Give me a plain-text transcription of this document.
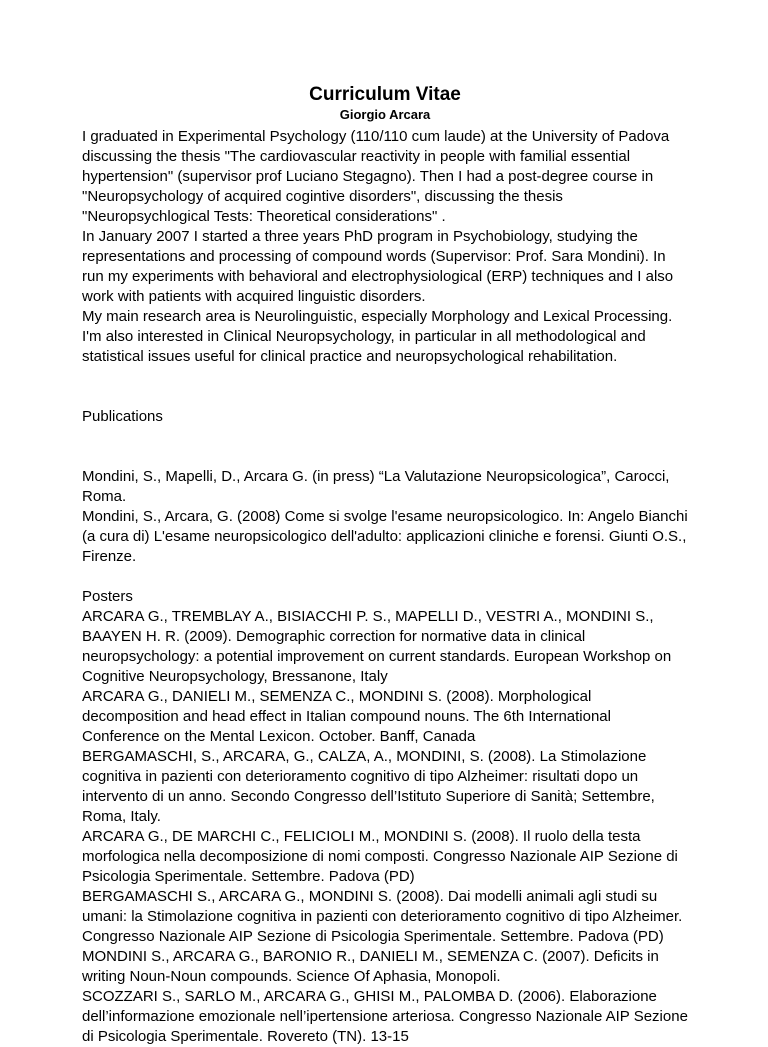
Curriculum Vitae
Giorgio Arcara

I graduated in Experimental Psychology (110/110 cum laude) at the University of Padova discussing the thesis "The cardiovascular reactivity in people with familial essential hypertension" (supervisor prof Luciano Stegagno). Then I had a post-degree course in "Neuropsychology of acquired cogintive disorders", discussing the thesis "Neuropsychlogical Tests: Theoretical considerations" .

In January 2007 I started a three years PhD program in Psychobiology, studying the representations and processing of compound words (Supervisor: Prof. Sara Mondini). In run my experiments with behavioral and electrophysiological (ERP) techniques and I also work with patients with acquired linguistic disorders.

My main research area is Neurolinguistic, especially Morphology and Lexical Processing. I'm also interested in Clinical Neuropsychology, in particular in all methodological and statistical issues useful for clinical practice and neuropsychological rehabilitation.

Publications

Mondini, S., Mapelli, D., Arcara G. (in press) “La Valutazione Neuropsicologica”, Carocci, Roma.

Mondini, S., Arcara, G. (2008) Come si svolge l'esame neuropsicologico. In: Angelo Bianchi (a cura di) L'esame neuropsicologico dell'adulto: applicazioni cliniche e forensi. Giunti O.S., Firenze.

Posters

ARCARA G., TREMBLAY A., BISIACCHI P. S., MAPELLI D., VESTRI A., MONDINI S., BAAYEN H. R. (2009). Demographic correction for normative data in clinical neuropsychology: a potential improvement on current standards. European Workshop on Cognitive Neuropsychology, Bressanone, Italy

ARCARA G., DANIELI M., SEMENZA C., MONDINI S. (2008). Morphological decomposition and head effect in Italian compound nouns. The 6th International Conference on the Mental Lexicon. October. Banff, Canada

BERGAMASCHI, S., ARCARA, G., CALZA, A., MONDINI, S. (2008). La Stimolazione cognitiva in pazienti con deterioramento cognitivo di tipo Alzheimer: risultati dopo un intervento di un anno. Secondo Congresso dell’Istituto Superiore di Sanità; Settembre, Roma, Italy.

ARCARA G., DE MARCHI C., FELICIOLI M., MONDINI S. (2008). Il ruolo della testa morfologica nella decomposizione di nomi composti. Congresso Nazionale AIP Sezione di Psicologia Sperimentale. Settembre. Padova (PD)

BERGAMASCHI S., ARCARA G., MONDINI S. (2008). Dai modelli animali agli studi su umani: la Stimolazione cognitiva in pazienti con deterioramento cognitivo di tipo Alzheimer. Congresso Nazionale AIP Sezione di Psicologia Sperimentale. Settembre. Padova (PD)

MONDINI S., ARCARA G., BARONIO R., DANIELI M., SEMENZA C. (2007). Deficits in writing Noun-Noun compounds. Science Of Aphasia, Monopoli.

SCOZZARI S., SARLO M., ARCARA G., GHISI M., PALOMBA D. (2006). Elaborazione dell’informazione emozionale nell’ipertensione arteriosa. Congresso Nazionale AIP Sezione di Psicologia Sperimentale. Rovereto (TN). 13-15
